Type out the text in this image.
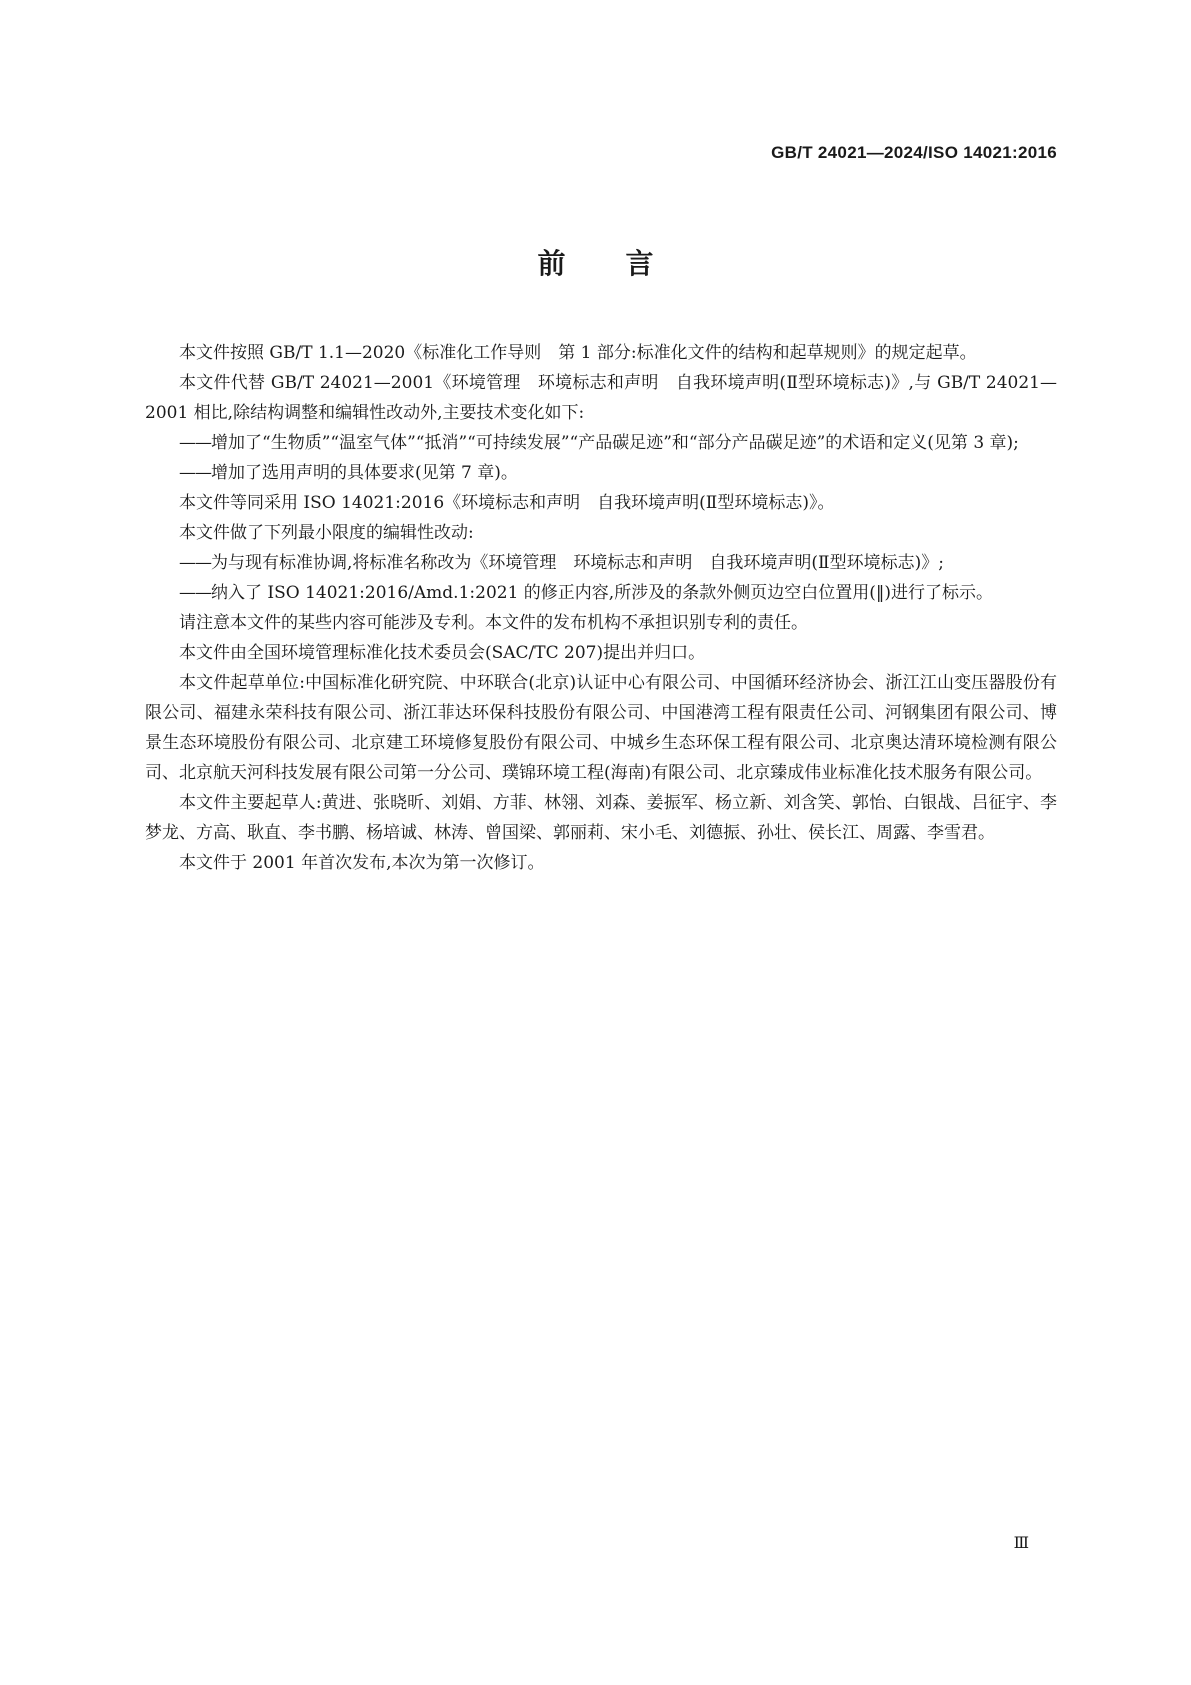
GB/T 24021—2024/ISO 14021:2016
前 言

本文件按照 GB/T 1.1—2020《标准化工作导则　第 1 部分:标准化文件的结构和起草规则》的规定起草。

本文件代替 GB/T 24021—2001《环境管理　环境标志和声明　自我环境声明(Ⅱ型环境标志)》,与 GB/T 24021—2001 相比,除结构调整和编辑性改动外,主要技术变化如下:

——增加了“生物质”“温室气体”“抵消”“可持续发展”“产品碳足迹”和“部分产品碳足迹”的术语和定义(见第 3 章);

——增加了选用声明的具体要求(见第 7 章)。

本文件等同采用 ISO 14021:2016《环境标志和声明　自我环境声明(Ⅱ型环境标志)》。

本文件做了下列最小限度的编辑性改动:

——为与现有标准协调,将标准名称改为《环境管理　环境标志和声明　自我环境声明(Ⅱ型环境标志)》;

——纳入了 ISO 14021:2016/Amd.1:2021 的修正内容,所涉及的条款外侧页边空白位置用(‖)进行了标示。

请注意本文件的某些内容可能涉及专利。本文件的发布机构不承担识别专利的责任。

本文件由全国环境管理标准化技术委员会(SAC/TC 207)提出并归口。

本文件起草单位:中国标准化研究院、中环联合(北京)认证中心有限公司、中国循环经济协会、浙江江山变压器股份有限公司、福建永荣科技有限公司、浙江菲达环保科技股份有限公司、中国港湾工程有限责任公司、河钢集团有限公司、博景生态环境股份有限公司、北京建工环境修复股份有限公司、中城乡生态环保工程有限公司、北京奥达清环境检测有限公司、北京航天河科技发展有限公司第一分公司、璞锦环境工程(海南)有限公司、北京臻成伟业标准化技术服务有限公司。

本文件主要起草人:黄进、张晓昕、刘娟、方菲、林翎、刘森、姜振军、杨立新、刘含笑、郭怡、白银战、吕征宇、李梦龙、方高、耿直、李书鹏、杨培诚、林涛、曾国梁、郭丽莉、宋小毛、刘德振、孙壮、侯长江、周露、李雪君。

本文件于 2001 年首次发布,本次为第一次修订。

Ⅲ
